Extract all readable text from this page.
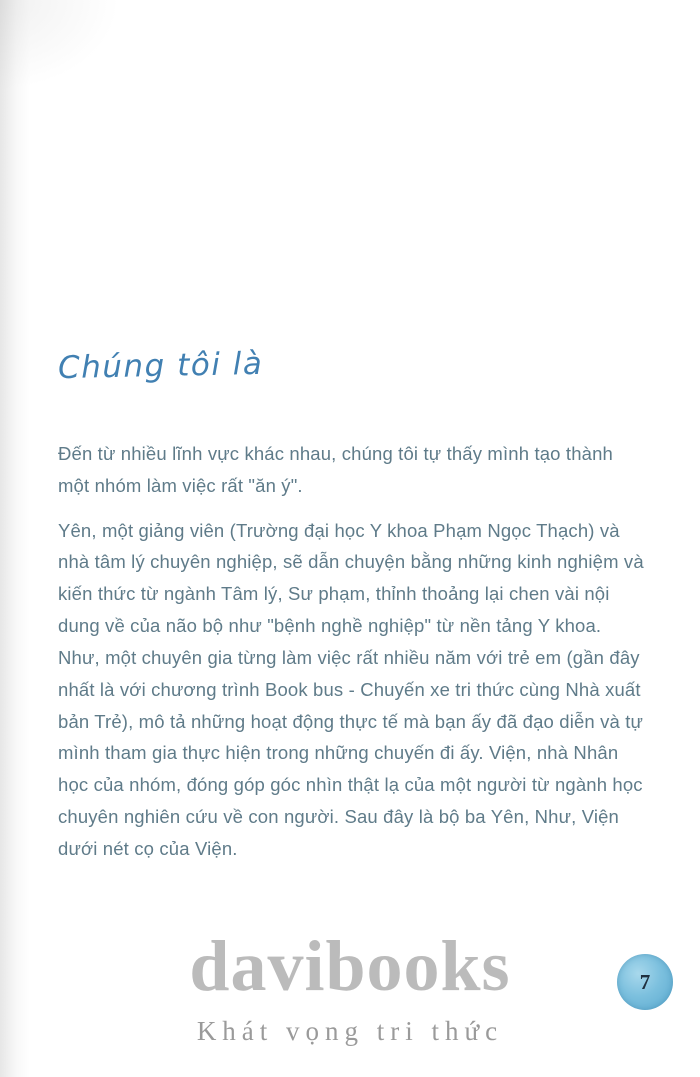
Chúng tôi là

Đến từ nhiều lĩnh vực khác nhau, chúng tôi tự thấy mình tạo thành một nhóm làm việc rất "ăn ý".

Yên, một giảng viên (Trường đại học Y khoa Phạm Ngọc Thạch) và nhà tâm lý chuyên nghiệp, sẽ dẫn chuyện bằng những kinh nghiệm và kiến thức từ ngành Tâm lý, Sư phạm, thỉnh thoảng lại chen vài nội dung về của não bộ như "bệnh nghề nghiệp" từ nền tảng Y khoa. Như, một chuyên gia từng làm việc rất nhiều năm với trẻ em (gần đây nhất là với chương trình Book bus - Chuyến xe tri thức cùng Nhà xuất bản Trẻ), mô tả những hoạt động thực tế mà bạn ấy đã đạo diễn và tự mình tham gia thực hiện trong những chuyến đi ấy. Viện, nhà Nhân học của nhóm, đóng góp góc nhìn thật lạ của một người từ ngành học chuyên nghiên cứu về con người. Sau đây là bộ ba Yên, Như, Viện dưới nét cọ của Viện.

davibooks
Khát vọng tri thức
7
